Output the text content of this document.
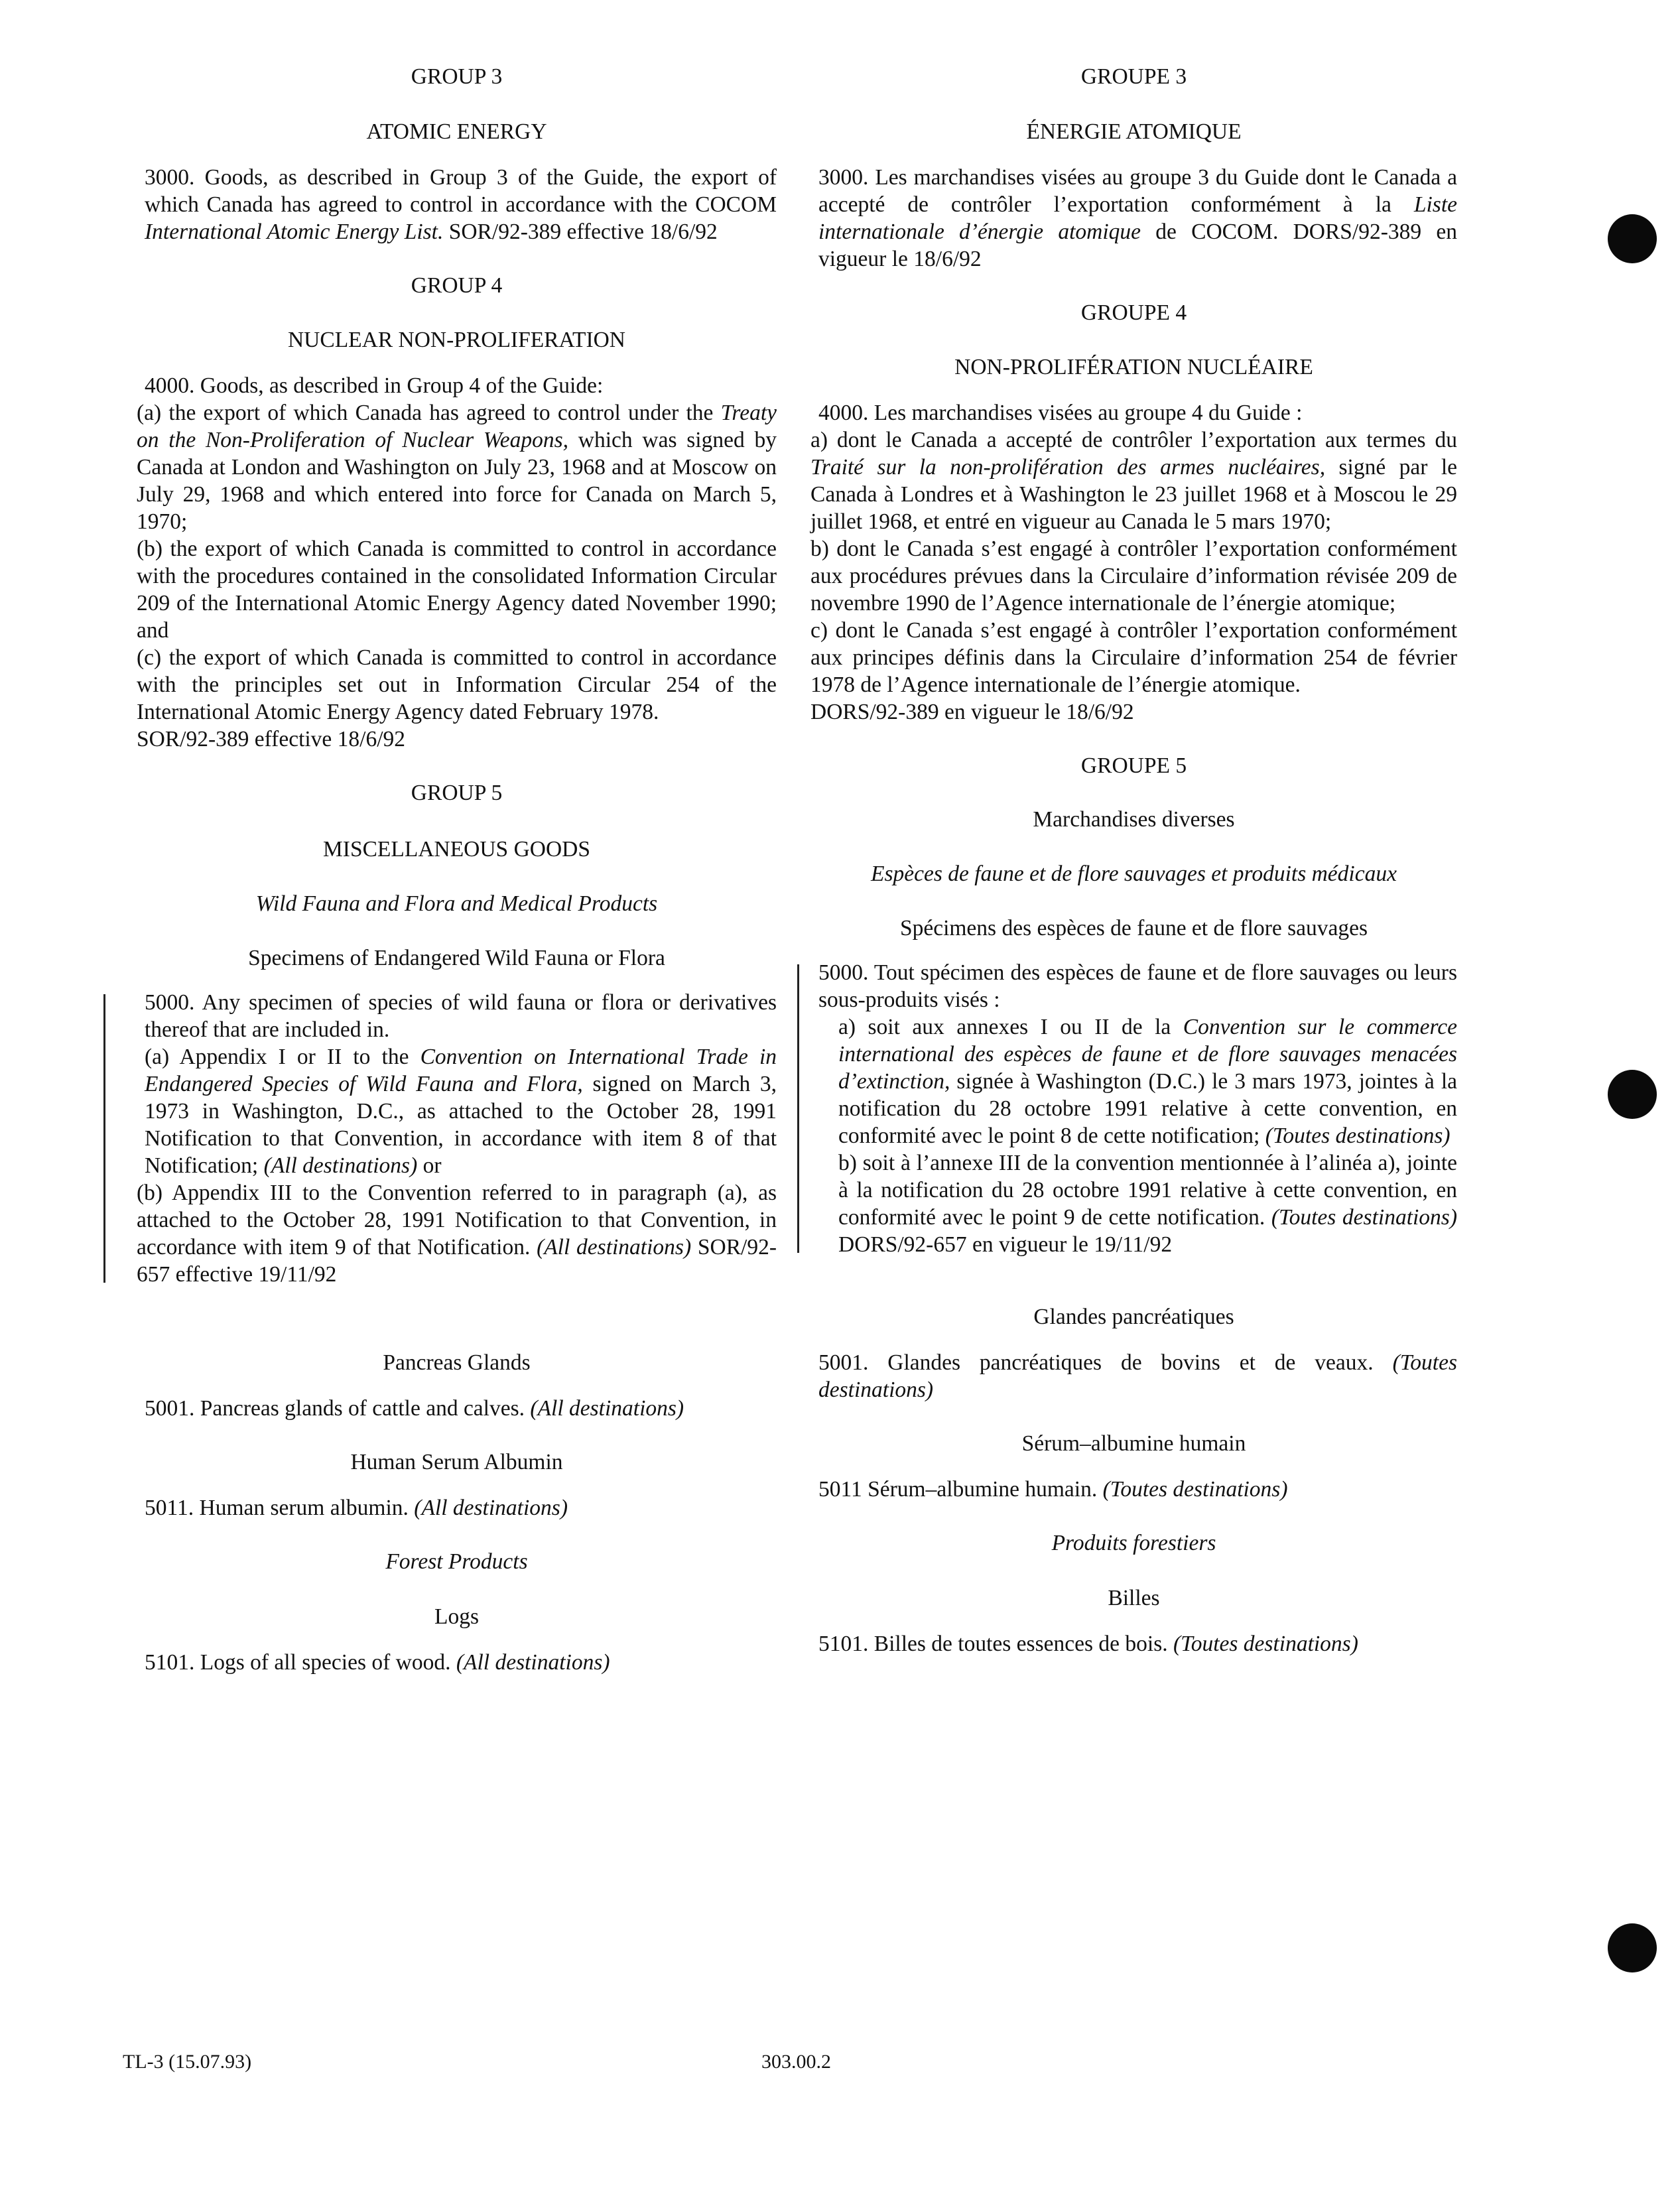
GROUP 3

ATOMIC ENERGY

3000. Goods, as described in Group 3 of the Guide, the export of which Canada has agreed to control in accordance with the COCOM International Atomic Energy List. SOR/92-389 effective 18/6/92

GROUP 4

NUCLEAR NON-PROLIFERATION

4000. Goods, as described in Group 4 of the Guide:

(a) the export of which Canada has agreed to control under the Treaty on the Non-Proliferation of Nuclear Weapons, which was signed by Canada at London and Washington on July 23, 1968 and at Moscow on July 29, 1968 and which entered into force for Canada on March 5, 1970;

(b) the export of which Canada is committed to control in accordance with the procedures contained in the consolidated Information Circular 209 of the International Atomic Energy Agency dated November 1990; and

(c) the export of which Canada is committed to control in accordance with the principles set out in Information Circular 254 of the International Atomic Energy Agency dated February 1978.

SOR/92-389 effective 18/6/92

GROUP 5

MISCELLANEOUS GOODS

Wild Fauna and Flora and Medical Products

Specimens of Endangered Wild Fauna or Flora

5000. Any specimen of species of wild fauna or flora or derivatives thereof that are included in.

(a) Appendix I or II to the Convention on International Trade in Endangered Species of Wild Fauna and Flora, signed on March 3, 1973 in Washington, D.C., as attached to the October 28, 1991 Notification to that Convention, in accordance with item 8 of that Notification; (All destinations) or

(b) Appendix III to the Convention referred to in paragraph (a), as attached to the October 28, 1991 Notification to that Convention, in accordance with item 9 of that Notification. (All destinations) SOR/92-657 effective 19/11/92

Pancreas Glands

5001. Pancreas glands of cattle and calves. (All destinations)

Human Serum Albumin

5011. Human serum albumin. (All destinations)

Forest Products

Logs

5101. Logs of all species of wood. (All destinations)

GROUPE 3

ÉNERGIE ATOMIQUE

3000. Les marchandises visées au groupe 3 du Guide dont le Canada a accepté de contrôler l’exportation conformément à la Liste internationale d’énergie atomique de COCOM. DORS/92-389 en vigueur le 18/6/92

GROUPE 4

NON-PROLIFÉRATION NUCLÉAIRE

4000. Les marchandises visées au groupe 4 du Guide :

a) dont le Canada a accepté de contrôler l’exportation aux termes du Traité sur la non-prolifération des armes nucléaires, signé par le Canada à Londres et à Washington le 23 juillet 1968 et à Moscou le 29 juillet 1968, et entré en vigueur au Canada le 5 mars 1970;

b) dont le Canada s’est engagé à contrôler l’exportation conformément aux procédures prévues dans la Circulaire d’information révisée 209 de novembre 1990 de l’Agence internationale de l’énergie atomique;

c) dont le Canada s’est engagé à contrôler l’exportation conformément aux principes définis dans la Circulaire d’information 254 de février 1978 de l’Agence internationale de l’énergie atomique.

DORS/92-389 en vigueur le 18/6/92

GROUPE 5

Marchandises diverses

Espèces de faune et de flore sauvages et produits médicaux

Spécimens des espèces de faune et de flore sauvages

5000. Tout spécimen des espèces de faune et de flore sauvages ou leurs sous-produits visés :

a) soit aux annexes I ou II de la Convention sur le commerce international des espèces de faune et de flore sauvages menacées d’extinction, signée à Washington (D.C.) le 3 mars 1973, jointes à la notification du 28 octobre 1991 relative à cette convention, en conformité avec le point 8 de cette notification; (Toutes destinations)

b) soit à l’annexe III de la convention mentionnée à l’alinéa a), jointe à la notification du 28 octobre 1991 relative à cette convention, en conformité avec le point 9 de cette notification. (Toutes destinations) DORS/92-657 en vigueur le 19/11/92

Glandes pancréatiques

5001. Glandes pancréatiques de bovins et de veaux. (Toutes destinations)

Sérum–albumine humain

5011 Sérum–albumine humain. (Toutes destinations)

Produits forestiers

Billes

5101. Billes de toutes essences de bois. (Toutes destinations)

TL-3 (15.07.93)	303.00.2
